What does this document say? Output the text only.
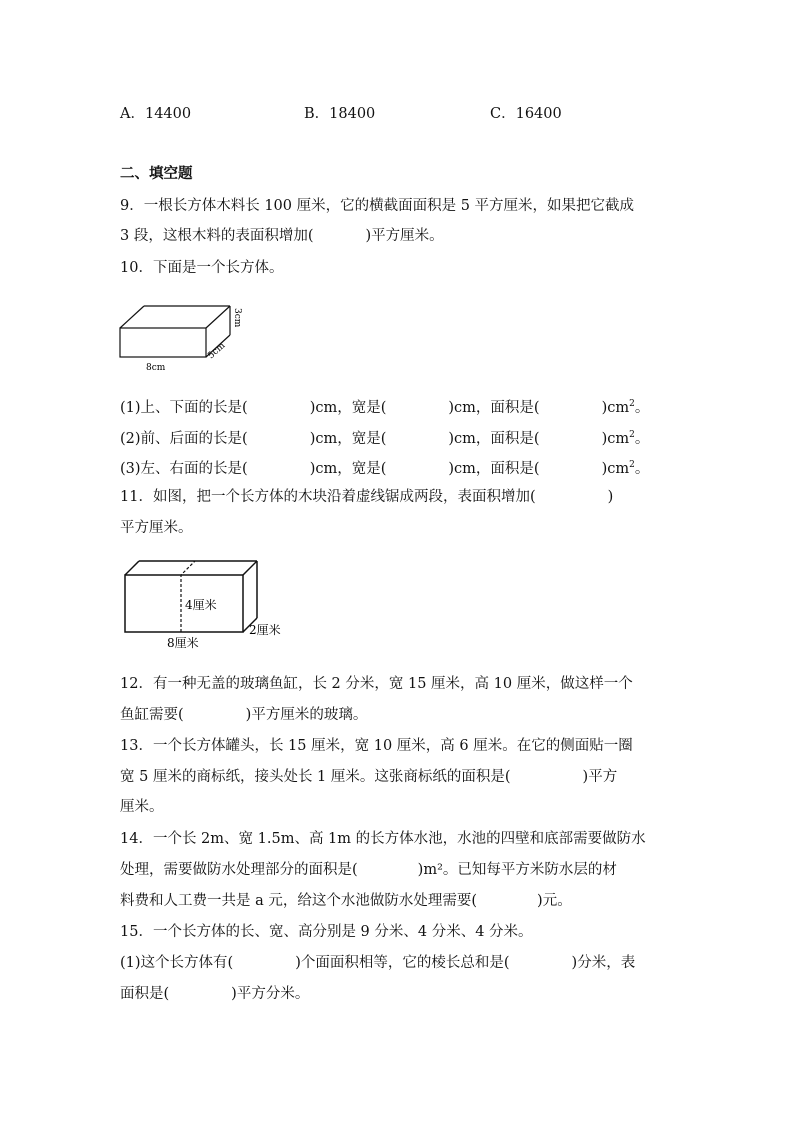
A．14400	B．18400	C．16400
二、填空题
9．一根长方体木料长 100 厘米，它的横截面面积是 5 平方厘米，如果把它截成
3 段，这根木料的表面积增加(	)平方厘米。
10．下面是一个长方体。
8cm
5cm
3cm
(1)上、下面的长是(	)cm，宽是(	)cm，面积是(	)$cm^2$。
(2)前、后面的长是(	)cm，宽是(	)cm，面积是(	)$cm^2$。
(3)左、右面的长是(	)cm，宽是(	)cm，面积是(	)$cm^2$。
11．如图，把一个长方体的木块沿着虚线锯成两段，表面积增加(	)
平方厘米。
4厘米
8厘米
2厘米
12．有一种无盖的玻璃鱼缸，长 2 分米，宽 15 厘米，高 10 厘米，做这样一个
鱼缸需要(	)平方厘米的玻璃。
13．一个长方体罐头，长 15 厘米，宽 10 厘米，高 6 厘米。在它的侧面贴一圈
宽 5 厘米的商标纸，接头处长 1 厘米。这张商标纸的面积是(	)平方
厘米。
14．一个长 2m、宽 1.5m、高 1m 的长方体水池，水池的四壁和底部需要做防水
处理，需要做防水处理部分的面积是(	)m²。已知每平方米防水层的材
料费和人工费一共是 a 元，给这个水池做防水处理需要(	)元。
15．一个长方体的长、宽、高分别是 9 分米、4 分米、4 分米。
(1)这个长方体有(	)个面面积相等，它的棱长总和是(	)分米，表
面积是(	)平方分米。
